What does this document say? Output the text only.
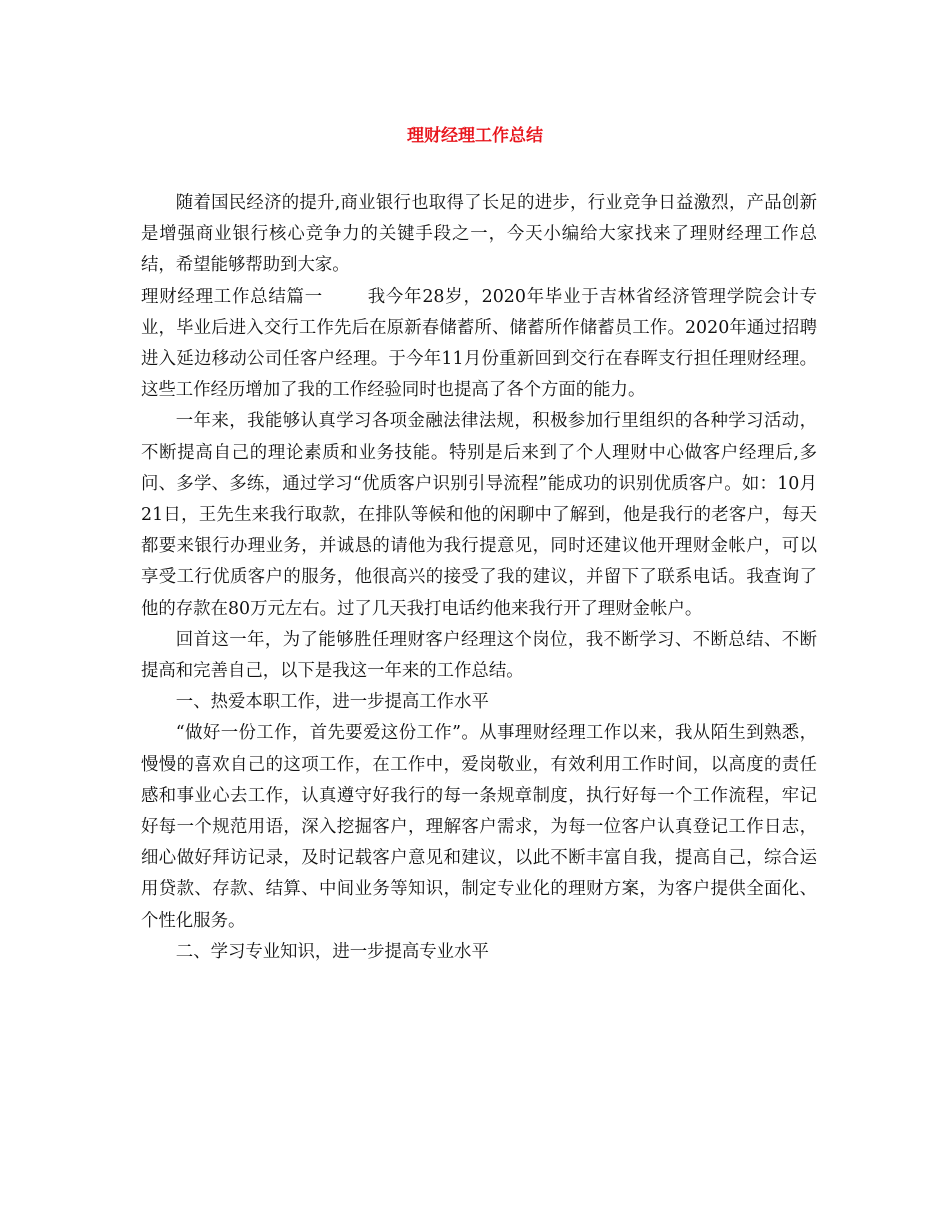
理财经理工作总结

随着国民经济的提升,商业银行也取得了长足的进步，行业竞争日益激烈，产品创新是增强商业银行核心竞争力的关键手段之一，今天小编给大家找来了理财经理工作总结，希望能够帮助到大家。

理财经理工作总结篇一	我今年28岁，2020年毕业于吉林省经济管理学院会计专业，毕业后进入交行工作先后在原新春储蓄所、储蓄所作储蓄员工作。2020年通过招聘进入延边移动公司任客户经理。于今年11月份重新回到交行在春晖支行担任理财经理。这些工作经历增加了我的工作经验同时也提高了各个方面的能力。

一年来，我能够认真学习各项金融法律法规，积极参加行里组织的各种学习活动，不断提高自己的理论素质和业务技能。特别是后来到了个人理财中心做客户经理后,多问、多学、多练，通过学习“优质客户识别引导流程”能成功的识别优质客户。如：10月21日，王先生来我行取款，在排队等候和他的闲聊中了解到，他是我行的老客户，每天都要来银行办理业务，并诚恳的请他为我行提意见，同时还建议他开理财金帐户，可以享受工行优质客户的服务，他很高兴的接受了我的建议，并留下了联系电话。我查询了他的存款在80万元左右。过了几天我打电话约他来我行开了理财金帐户。

回首这一年，为了能够胜任理财客户经理这个岗位，我不断学习、不断总结、不断提高和完善自己，以下是我这一年来的工作总结。

一、热爱本职工作，进一步提高工作水平

“做好一份工作，首先要爱这份工作”。从事理财经理工作以来，我从陌生到熟悉，慢慢的喜欢自己的这项工作，在工作中，爱岗敬业，有效利用工作时间，以高度的责任感和事业心去工作，认真遵守好我行的每一条规章制度，执行好每一个工作流程，牢记好每一个规范用语，深入挖掘客户，理解客户需求，为每一位客户认真登记工作日志，细心做好拜访记录，及时记载客户意见和建议，以此不断丰富自我，提高自己，综合运用贷款、存款、结算、中间业务等知识，制定专业化的理财方案，为客户提供全面化、个性化服务。

二、学习专业知识，进一步提高专业水平
